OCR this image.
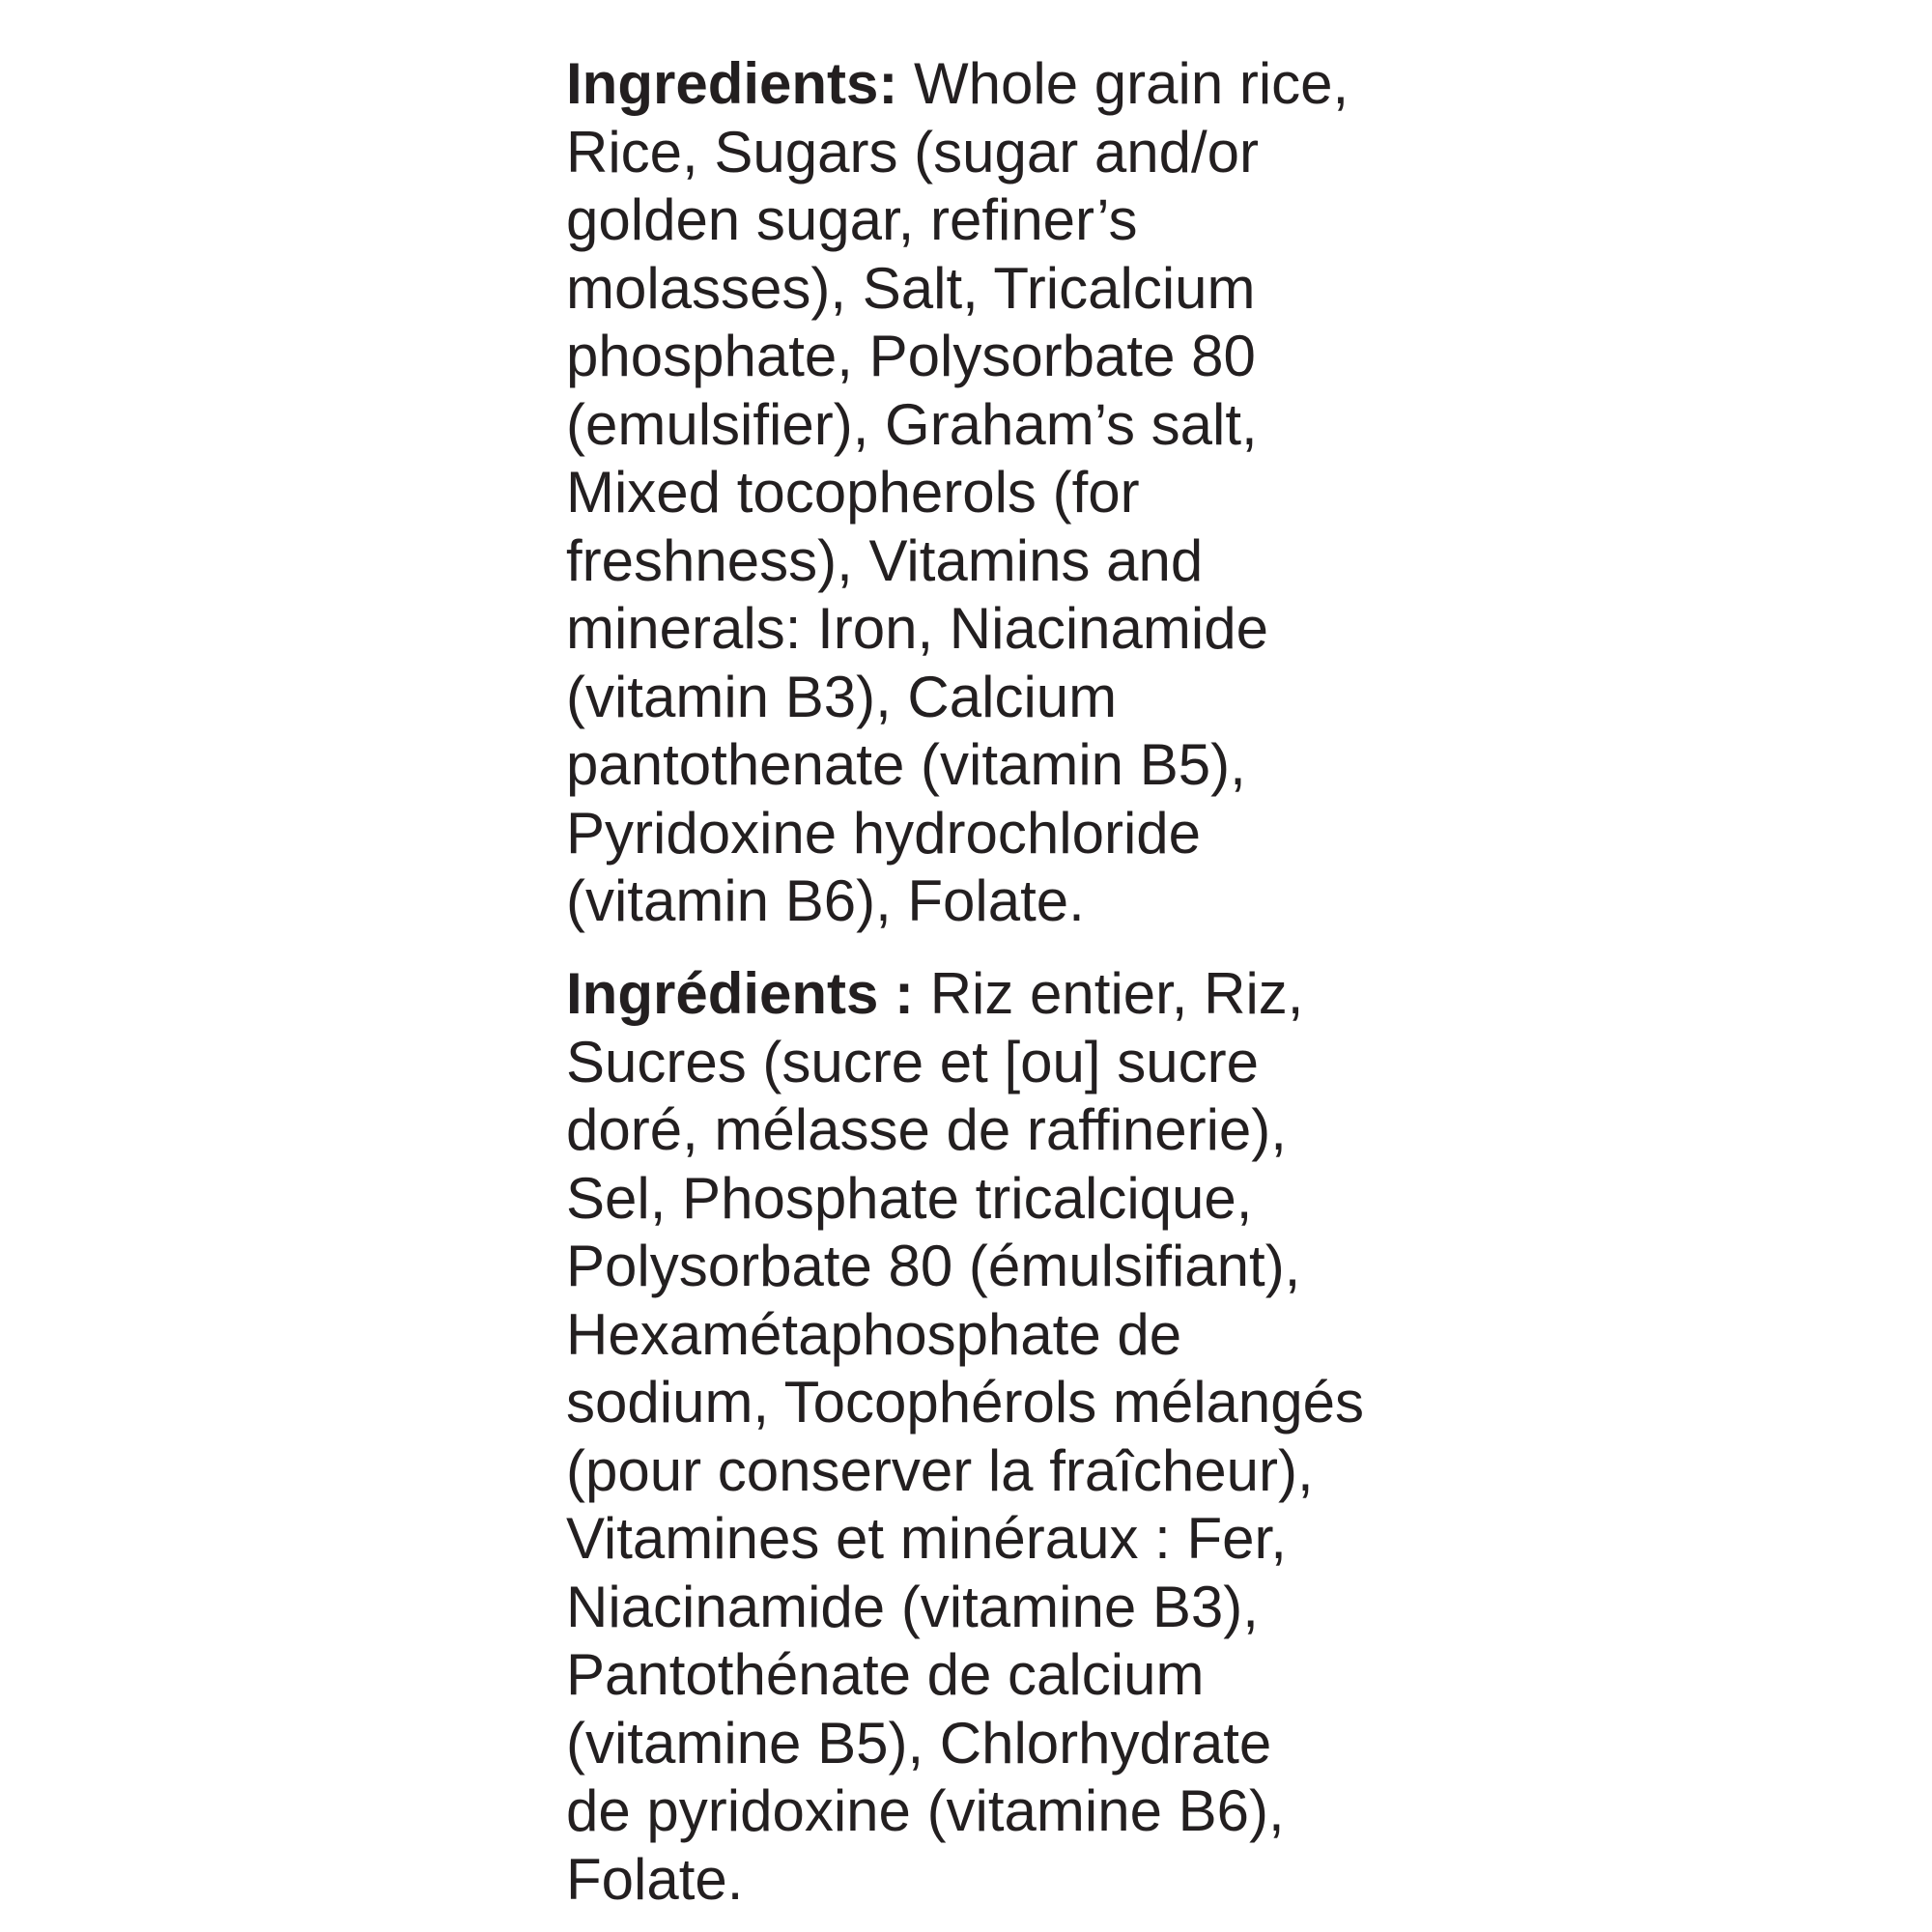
Ingredients: Whole grain rice,
Rice, Sugars (sugar and/or
golden sugar, refiner’s
molasses), Salt, Tricalcium
phosphate, Polysorbate 80
(emulsifier), Graham’s salt,
Mixed tocopherols (for
freshness), Vitamins and
minerals: Iron, Niacinamide
(vitamin B3), Calcium
pantothenate (vitamin B5),
Pyridoxine hydrochloride
(vitamin B6), Folate.
Ingrédients : Riz entier, Riz,
Sucres (sucre et [ou] sucre
doré, mélasse de raffinerie),
Sel, Phosphate tricalcique,
Polysorbate 80 (émulsifiant),
Hexamétaphosphate de
sodium, Tocophérols mélangés
(pour conserver la fraîcheur),
Vitamines et minéraux : Fer,
Niacinamide (vitamine B3),
Pantothénate de calcium
(vitamine B5), Chlorhydrate
de pyridoxine (vitamine B6),
Folate.
